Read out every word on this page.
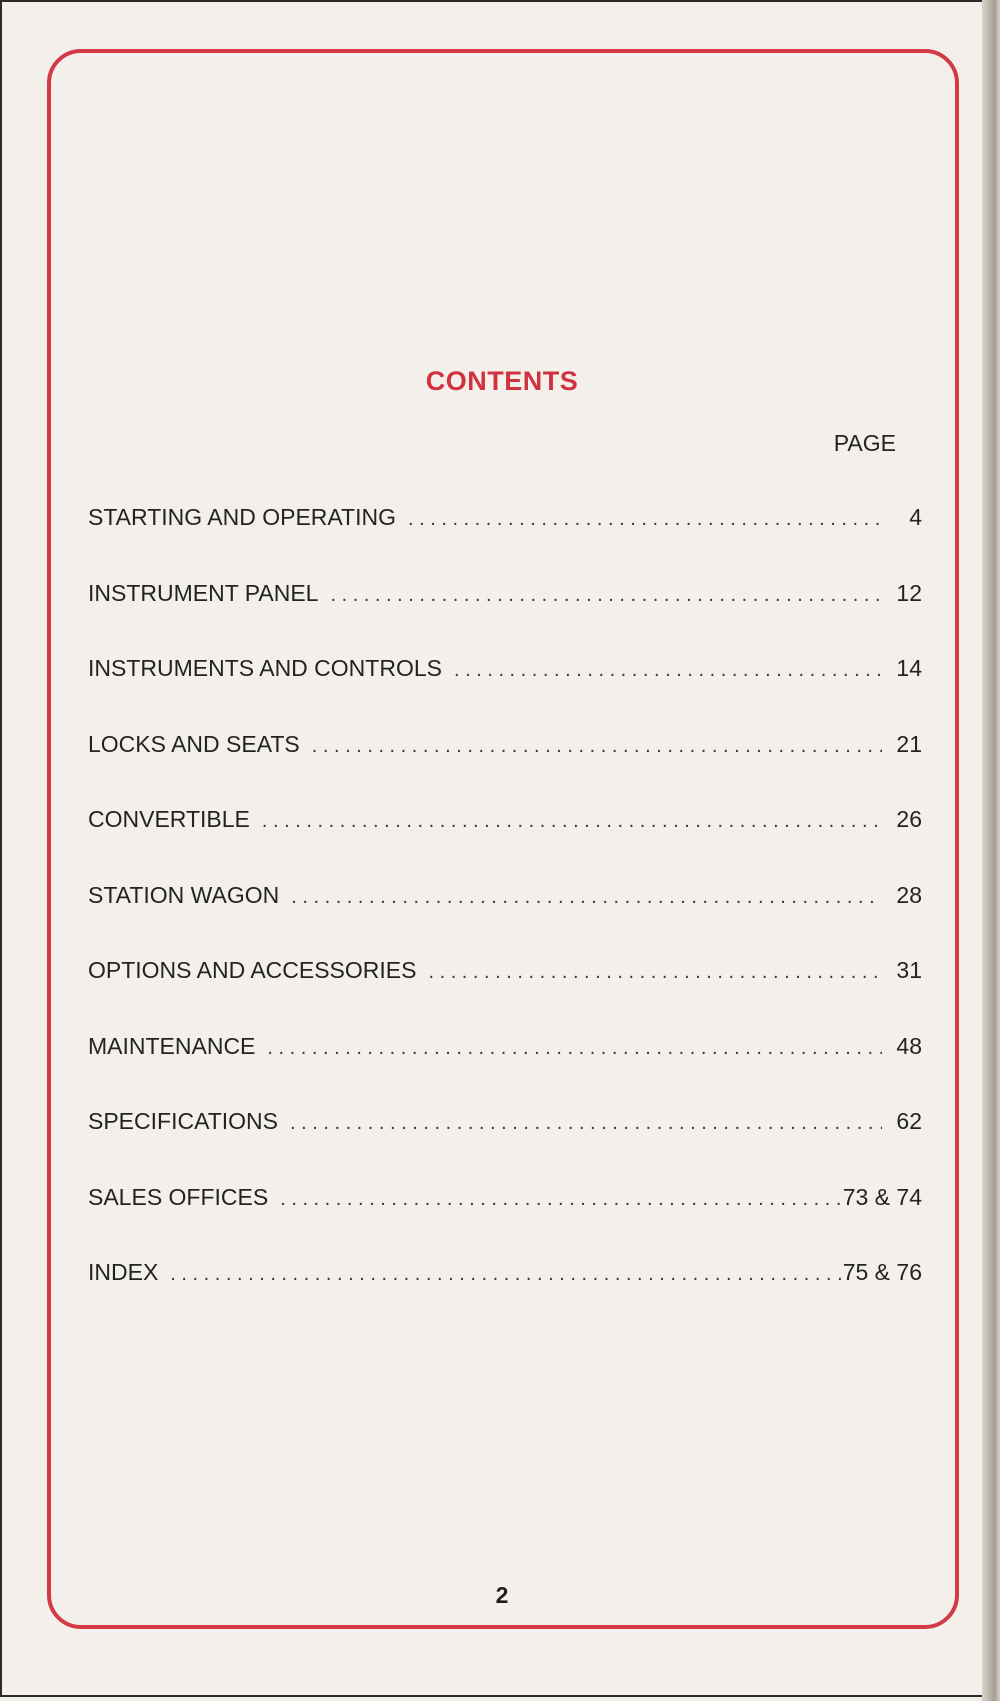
CONTENTS
PAGE
STARTING AND OPERATING . . .	4
INSTRUMENT PANEL . . .	12
INSTRUMENTS AND CONTROLS . . .	14
LOCKS AND SEATS . . .	21
CONVERTIBLE . . .	26
STATION WAGON . . .	28
OPTIONS AND ACCESSORIES . . .	31
MAINTENANCE . . .	48
SPECIFICATIONS . . .	62
SALES OFFICES . . .	73 & 74
INDEX . . .	75 & 76
2
